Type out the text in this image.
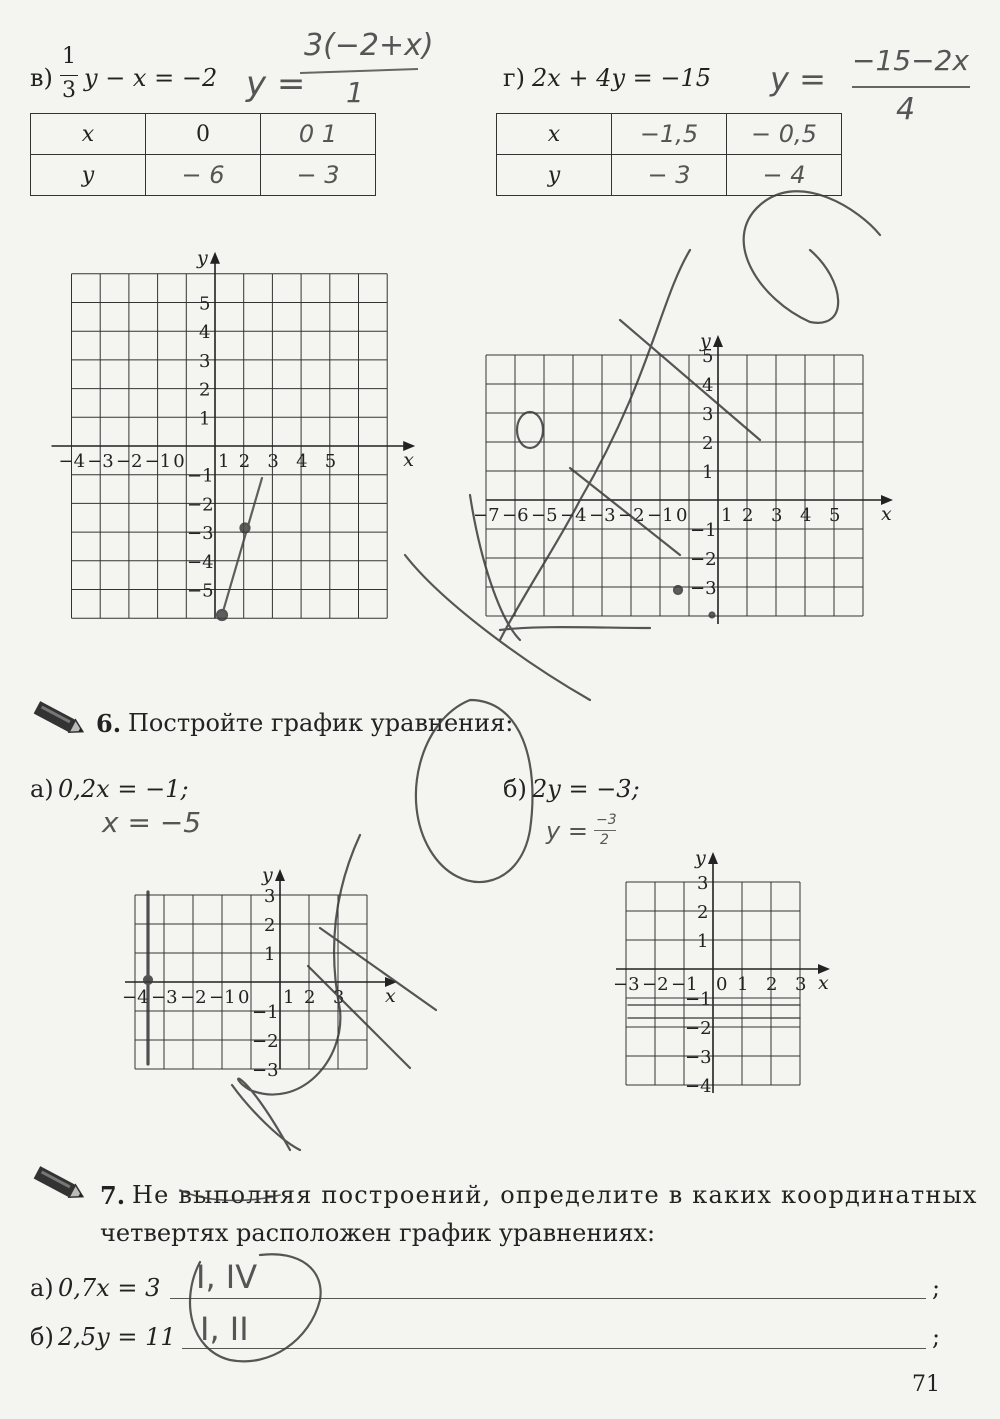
в)
1
3 y − x = −2 y =
3(−2+x)
1
x	0	0 1
y	− 6	− 3
г) 2x + 4y = −15 y = −15−2x
4
x	−1,5	− 0,5
y	− 3	− 4
x
y
−4 −3 −2 −1 0 1 2 3 4 5
5
4
3
2
1
−1
−2
−3
−4
−5
x
y
−7 −6 −5 −4 −3 −2 −1 0 1 2 3 4 5
5
4
3
2
1
−1
−2
−3
x
y
−4 −3 −2 −1 0 1 2 3
3
2
1
−1
−2
−3
x
y
−3 −2 −1 0 1 2 3
3
2
1
−1
−2
−3
−4
6. Постройте график уравнения:
а) 0,2x = −1;
x = −5
б) 2y = −3;
y = −3
2
7. Не выполняя построений, определите в каких координатных
четвертях расположен график уравнениях:
а) 0,7x = 3	;
I, IV
б) 2,5y = 11	;
I, II
71
